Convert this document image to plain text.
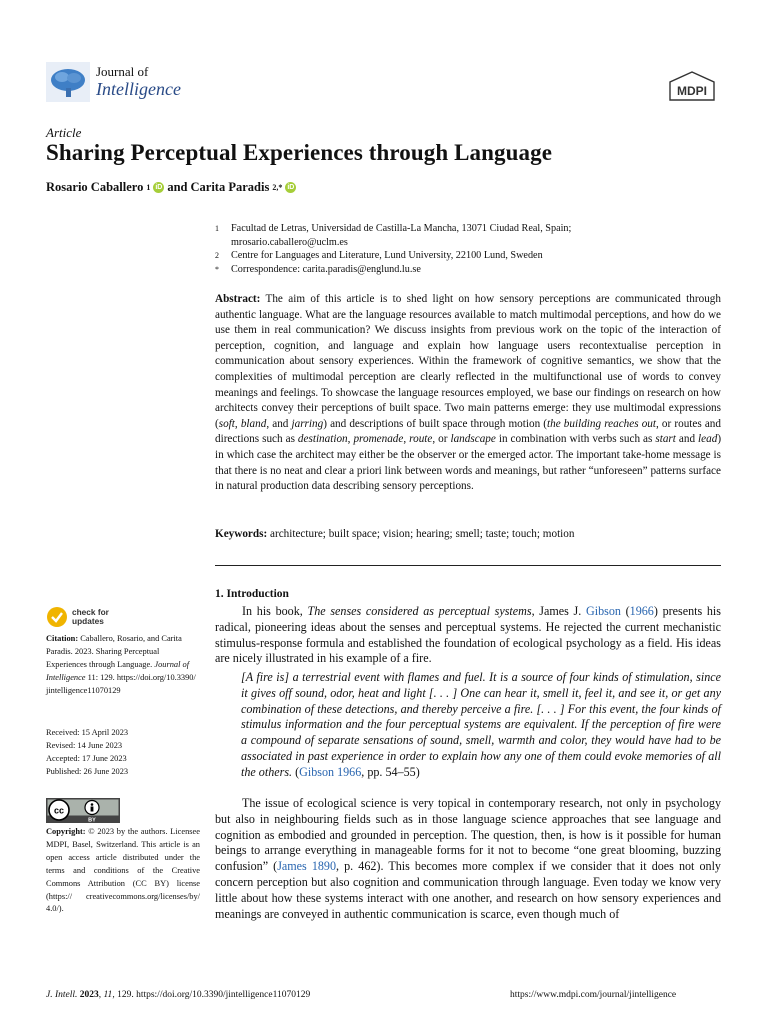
Journal of
Intelligence	MDPI
Article
Sharing Perceptual Experiences through Language
Rosario Caballero 1 iD and Carita Paradis 2,* iD
1	Facultad de Letras, Universidad de Castilla-La Mancha, 13071 Ciudad Real, Spain;
mrosario.caballero@uclm.es
2	Centre for Languages and Literature, Lund University, 22100 Lund, Sweden
*	Correspondence: carita.paradis@englund.lu.se
Abstract: The aim of this article is to shed light on how sensory perceptions are communicated through authentic language. What are the language resources available to match multimodal perceptions, and how do we use them in real communication? We discuss insights from previous work on the topic of the interaction of perception, cognition, and language and explain how language users recontextualise perception in communication about sensory experiences. Within the framework of cognitive semantics, we show that the complexities of multimodal perception are clearly reflected in the multifunctional use of words to convey meanings and feelings. To showcase the language resources employed, we base our findings on research on how architects convey their perceptions of built space. Two main patterns emerge: they use multimodal expressions (soft, bland, and jarring) and descriptions of built space through motion (the building reaches out, or routes and directions such as destination, promenade, route, or landscape in combination with verbs such as start and lead) in which case the architect may either be the observer or the emerged actor. The important take-home message is that there is no neat and clear a priori link between words and meanings, but rather “unforeseen” patterns surface in natural production data describing sensory perceptions.
Keywords: architecture; built space; vision; hearing; smell; taste; touch; motion
1. Introduction
In his book, The senses considered as perceptual systems, James J. Gibson (1966) presents his radical, pioneering ideas about the senses and perceptual systems. He rejected the current mechanistic stimulus-response formula and established the foundation of ecological psychology as a field. His ideas are nicely illustrated in his example of a fire.
[A fire is] a terrestrial event with flames and fuel. It is a source of four kinds of stimulation, since it gives off sound, odor, heat and light [. . . ] One can hear it, smell it, feel it, and see it, or get any combination of these detections, and thereby perceive a fire. [. . . ] For this event, the four kinds of stimulus information and the four perceptual systems are equivalent. If the perception of fire were a compound of separate sensations of sound, smell, warmth and color, they would have had to be associated in past experience in order to explain how any one of them could evoke memories of all the others. (Gibson 1966, pp. 54–55)
The issue of ecological science is very topical in contemporary research, not only in psychology but also in neighbouring fields such as in those language science approaches that see language and cognition as embodied and grounded in perception. The question, then, is how is it possible for human beings to arrange everything in manageable forms for it not to become “one great blooming, buzzing confusion” (James 1890, p. 462). This becomes more complex if we consider that it does not only concern perception but also cognition and communication through language. Even today we know very little about how these systems interact with one another, and research on how sensory experiences and meanings are conveyed in authentic communication is scarce, even though much of
check for
updates
Citation: Caballero, Rosario, and Carita Paradis. 2023. Sharing Perceptual Experiences through Language. Journal of Intelligence 11: 129. https://doi.org/10.3390/ jintelligence11070129
Received: 15 April 2023
Revised: 14 June 2023
Accepted: 17 June 2023
Published: 26 June 2023
cc
BY
Copyright: © 2023 by the authors. Licensee MDPI, Basel, Switzerland. This article is an open access article distributed under the terms and conditions of the Creative Commons Attribution (CC BY) license (https:// creativecommons.org/licenses/by/ 4.0/).
J. Intell. 2023, 11, 129. https://doi.org/10.3390/jintelligence11070129	https://www.mdpi.com/journal/jintelligence
